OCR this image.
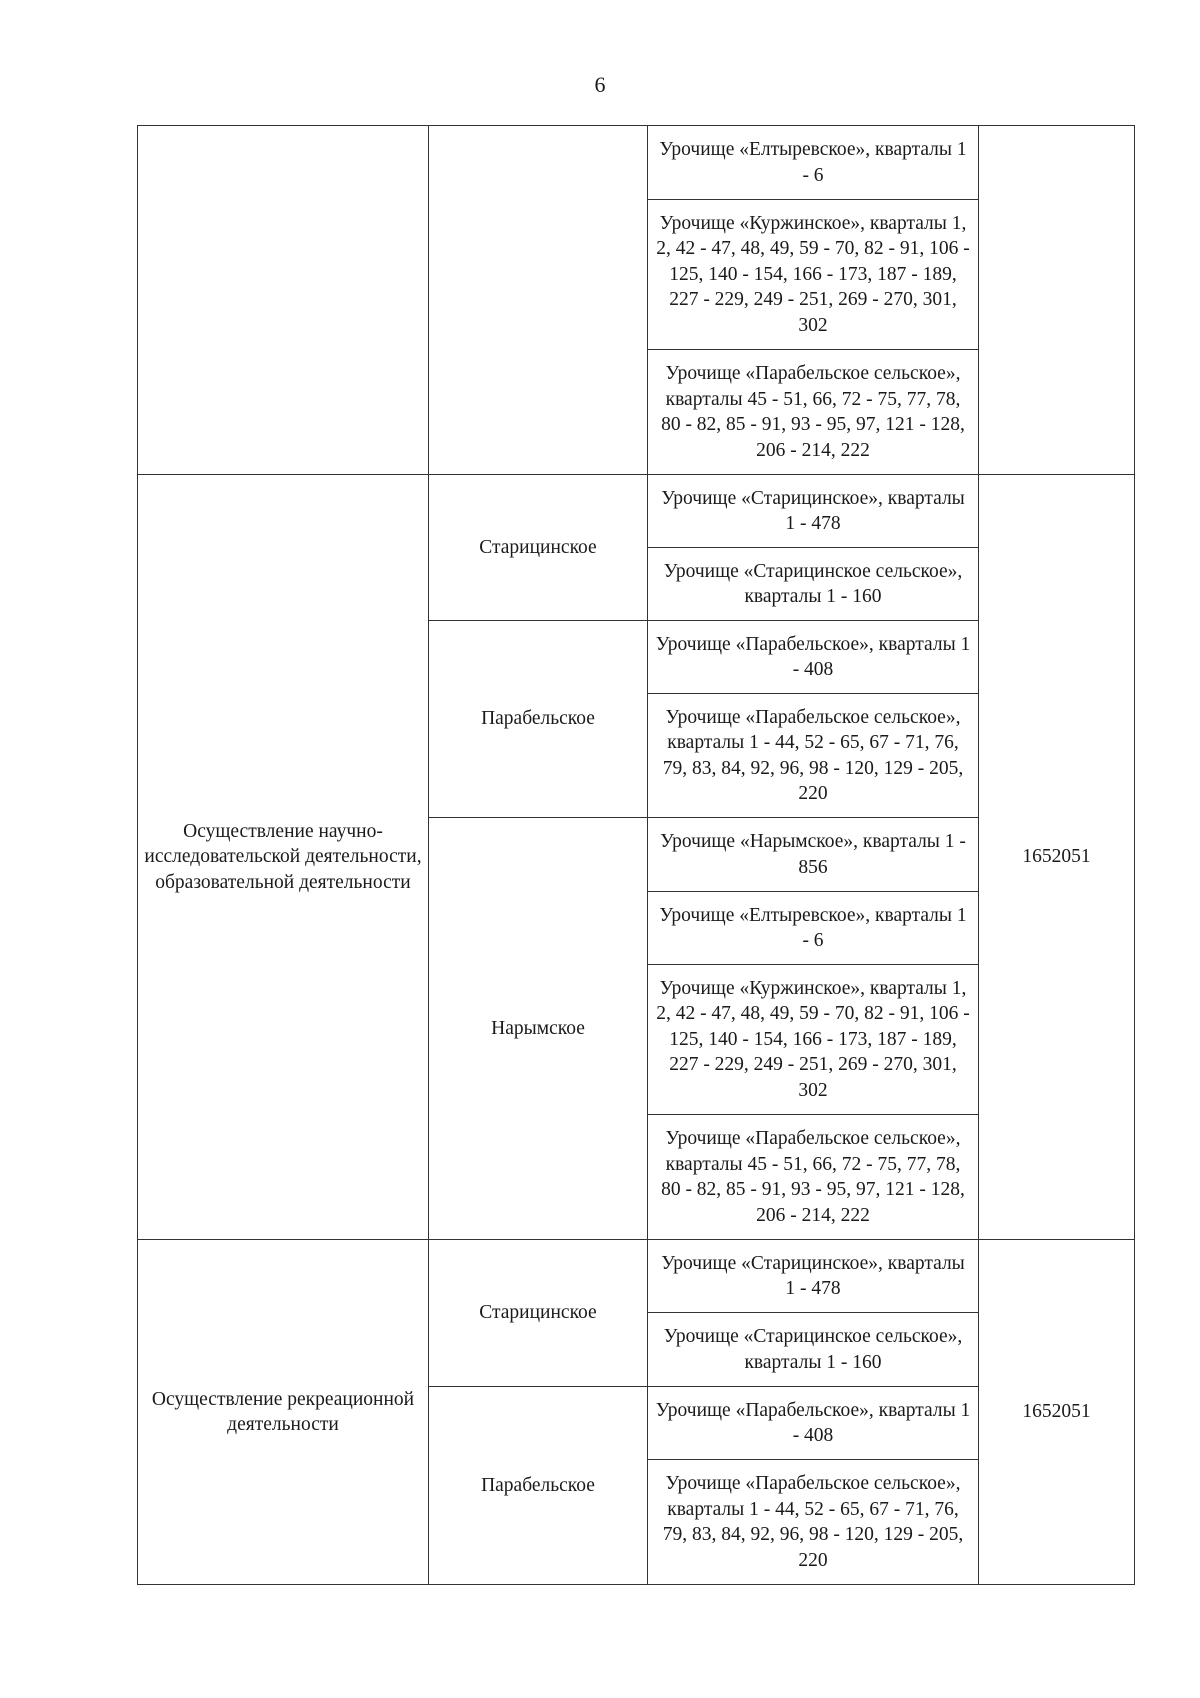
6
		Урочище «Елтыревское», кварталы 1 - 6	
		Урочище «Куржинское», кварталы 1, 2, 42 - 47, 48, 49, 59 - 70, 82 - 91, 106 - 125, 140 - 154, 166 - 173, 187 - 189, 227 - 229, 249 - 251, 269 - 270, 301, 302	
		Урочище «Парабельское сельское», кварталы 45 - 51, 66, 72 - 75, 77, 78, 80 - 82, 85 - 91, 93 - 95, 97, 121 - 128, 206 - 214, 222	
Осуществление научно-исследовательской деятельности, образовательной деятельности	Старицинское	Урочище «Старицинское», кварталы 1 - 478	1652051
		Урочище «Старицинское сельское», кварталы 1 - 160	
	Парабельское	Урочище «Парабельское», кварталы 1 - 408	
		Урочище «Парабельское сельское», кварталы 1 - 44, 52 - 65, 67 - 71, 76, 79, 83, 84, 92, 96, 98 - 120, 129 - 205, 220	
	Нарымское	Урочище «Нарымское», кварталы 1 - 856	
		Урочище «Елтыревское», кварталы 1 - 6	
		Урочище «Куржинское», кварталы 1, 2, 42 - 47, 48, 49, 59 - 70, 82 - 91, 106 - 125, 140 - 154, 166 - 173, 187 - 189, 227 - 229, 249 - 251, 269 - 270, 301, 302	
		Урочище «Парабельское сельское», кварталы 45 - 51, 66, 72 - 75, 77, 78, 80 - 82, 85 - 91, 93 - 95, 97, 121 - 128, 206 - 214, 222	
Осуществление рекреационной деятельности	Старицинское	Урочище «Старицинское», кварталы 1 - 478	1652051
		Урочище «Старицинское сельское», кварталы 1 - 160	
	Парабельское	Урочище «Парабельское», кварталы 1 - 408	
		Урочище «Парабельское сельское», кварталы 1 - 44, 52 - 65, 67 - 71, 76, 79, 83, 84, 92, 96, 98 - 120, 129 - 205, 220	
